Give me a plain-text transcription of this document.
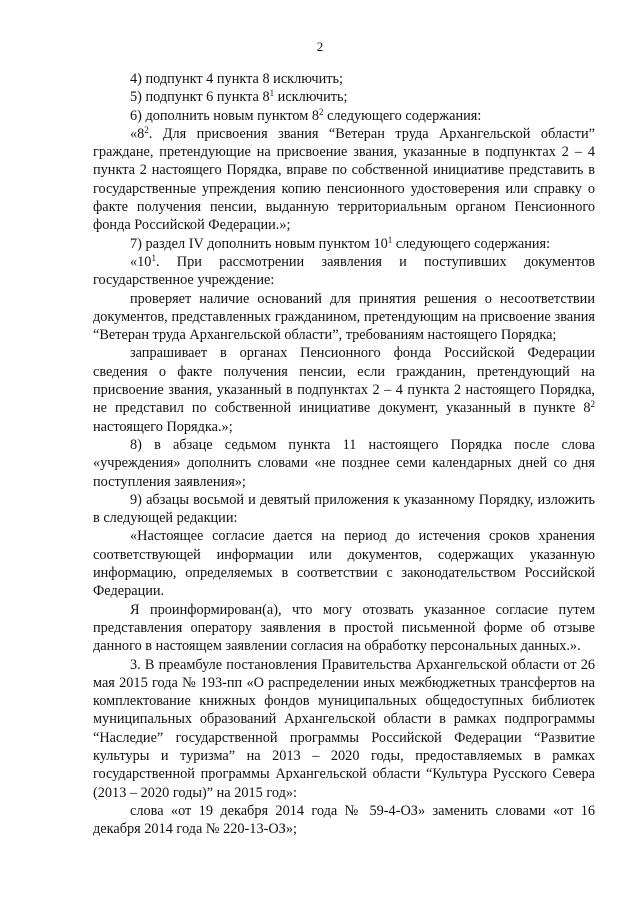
2

4) подпункт 4 пункта 8 исключить;

5) подпункт 6 пункта $8^1$ исключить;

6) дополнить новым пунктом $8^2$ следующего содержания:

«$8^2$. Для присвоения звания “Ветеран труда Архангельской области” граждане, претендующие на присвоение звания, указанные в подпунктах 2 – 4 пункта 2 настоящего Порядка, вправе по собственной инициативе представить в государственные упреждения копию пенсионного удостоверения или справку о факте получения пенсии, выданную территориальным органом Пенсионного фонда Российской Федерации.»;

7) раздел IV дополнить новым пунктом $10^1$ следующего содержания:

«$10^1$. При рассмотрении заявления и поступивших документов государственное учреждение:

проверяет наличие оснований для принятия решения о несоответствии документов, представленных гражданином, претендующим на присвоение звания “Ветеран труда Архангельской области”, требованиям настоящего Порядка;

запрашивает в органах Пенсионного фонда Российской Федерации сведения о факте получения пенсии, если гражданин, претендующий на присвоение звания, указанный в подпунктах 2 – 4 пункта 2 настоящего Порядка, не представил по собственной инициативе документ, указанный в пункте $8^2$ настоящего Порядка.»;

8) в абзаце седьмом пункта 11 настоящего Порядка после слова «учреждения» дополнить словами «не позднее семи календарных дней со дня поступления заявления»;

9) абзацы восьмой и девятый приложения к указанному Порядку, изложить в следующей редакции:

«Настоящее согласие дается на период до истечения сроков хранения соответствующей информации или документов, содержащих указанную информацию, определяемых в соответствии с законодательством Российской Федерации.

Я проинформирован(а), что могу отозвать указанное согласие путем представления оператору заявления в простой письменной форме об отзыве данного в настоящем заявлении согласия на обработку персональных данных.».

3. В преамбуле постановления Правительства Архангельской области от 26 мая 2015 года № 193-пп «О распределении иных межбюджетных трансфертов на комплектование книжных фондов муниципальных общедоступных библиотек муниципальных образований Архангельской области в рамках подпрограммы “Наследие” государственной программы Российской Федерации “Развитие культуры и туризма” на 2013 – 2020 годы, предоставляемых в рамках государственной программы Архангельской области “Культура Русского Севера (2013 – 2020 годы)” на 2015 год»:

слова «от 19 декабря 2014 года № 59-4-ОЗ» заменить словами «от 16 декабря 2014 года № 220-13-ОЗ»;
